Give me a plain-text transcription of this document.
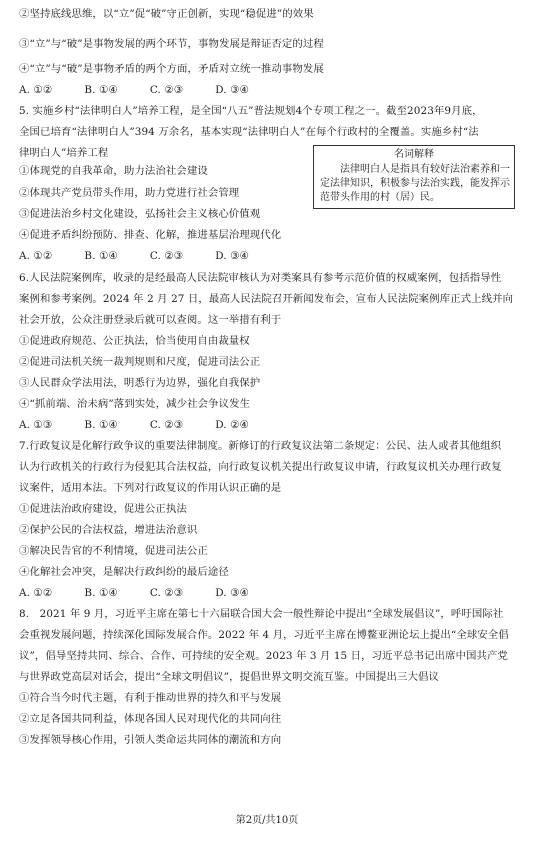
②坚持底线思维，以“立”促“破”守正创新，实现“稳促进”的效果
③“立”与“破”是事物发展的两个环节，事物发展是辩证否定的过程
④“立”与“破”是事物矛盾的两个方面，矛盾对立统一推动事物发展
A. ①②	B. ①④	C. ②③	D. ③④
5. 实施乡村“法律明白人”培养工程，是全国“八五”普法规划4个专项工程之一。截至2023年9月底，
全国已培育“法律明白人”394 万余名，基本实现“法律明白人”在每个行政村的全覆盖。实施乡村“法
律明白人”培养工程
①体现党的自我革命，助力法治社会建设
②体现共产党员带头作用，助力党进行社会管理
③促进法治乡村文化建设，弘扬社会主义核心价值观
④促进矛盾纠纷预防、排查、化解，推进基层治理现代化
A. ①②	B. ①④	C. ②③	D. ③④
名词解释
法律明白人是指具有较好法治素养和一定法律知识，积极参与法治实践，能发挥示范带头作用的村（居）民。
6.人民法院案例库，收录的是经最高人民法院审核认为对类案具有参考示范价值的权威案例，包括指导性
案例和参考案例。2024 年 2 月 27 日，最高人民法院召开新闻发布会，宣布人民法院案例库正式上线并向
社会开放，公众注册登录后就可以查阅。这一举措有利于
①促进政府规范、公正执法，恰当使用自由裁量权
②促进司法机关统一裁判规则和尺度，促进司法公正
③人民群众学法用法，明悉行为边界，强化自我保护
④“抓前端、治未病”落到实处，减少社会争议发生
A. ①③	B. ①④	C. ②③	D. ②④
7.行政复议是化解行政争议的重要法律制度。新修订的行政复议法第二条规定：公民、法人或者其他组织
认为行政机关的行政行为侵犯其合法权益，向行政复议机关提出行政复议申请，行政复议机关办理行政复
议案件，适用本法。下列对行政复议的作用认识正确的是
①促进法治政府建设，促进公正执法
②保护公民的合法权益，增进法治意识
③解决民告官的不利情境，促进司法公正
④化解社会冲突，是解决行政纠纷的最后途径
A. ①②	B. ①④	C. ②③	D. ③④
8.　2021 年 9 月，习近平主席在第七十六届联合国大会一般性辩论中提出“全球发展倡议”，呼吁国际社
会重视发展问题，持续深化国际发展合作。2022 年 4 月，习近平主席在博鳌亚洲论坛上提出“全球安全倡
议”，倡导坚持共同、综合、合作、可持续的安全观。2023 年 3 月 15 日，习近平总书记出席中国共产党
与世界政党高层对话会，提出“全球文明倡议”，提倡世界文明交流互鉴。中国提出三大倡议
①符合当今时代主题，有利于推动世界的持久和平与发展
②立足各国共同利益，体现各国人民对现代化的共同向往
③发挥领导核心作用，引领人类命运共同体的潮流和方向
第2页/共10页
